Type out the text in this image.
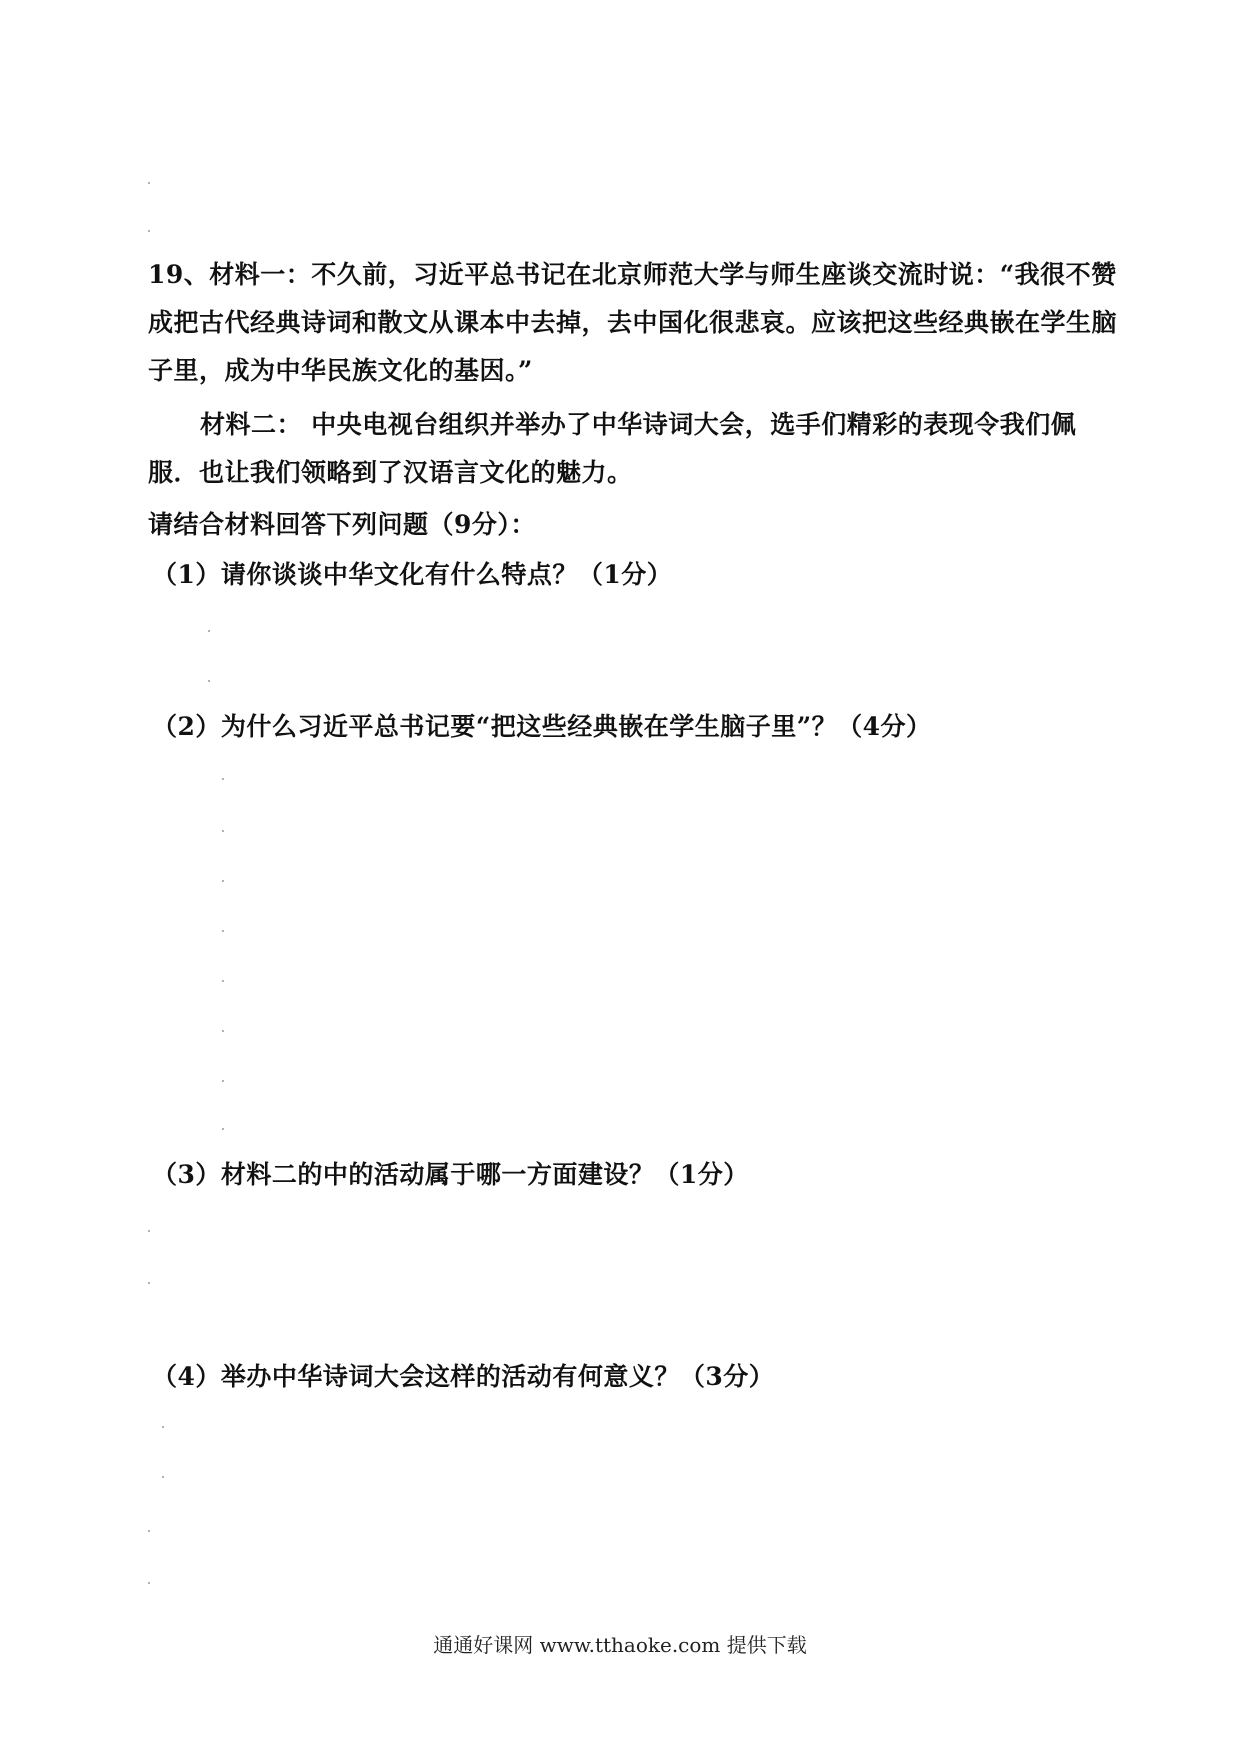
19、材料一：不久前，习近平总书记在北京师范大学与师生座谈交流时说：“我很不赞
成把古代经典诗词和散文从课本中去掉，去中国化很悲哀。应该把这些经典嵌在学生脑
子里，成为中华民族文化的基因。”
材料二： 中央电视台组织并举办了中华诗词大会，选手们精彩的表现令我们佩
服．也让我们领略到了汉语言文化的魅力。
请结合材料回答下列问题（9分）：
（1）请你谈谈中华文化有什么特点？（1分）
（2）为什么习近平总书记要“把这些经典嵌在学生脑子里”？（4分）
（3）材料二的中的活动属于哪一方面建设？（1分）
（4）举办中华诗词大会这样的活动有何意义？（3分）
通通好课网 www.tthaoke.com 提供下载
